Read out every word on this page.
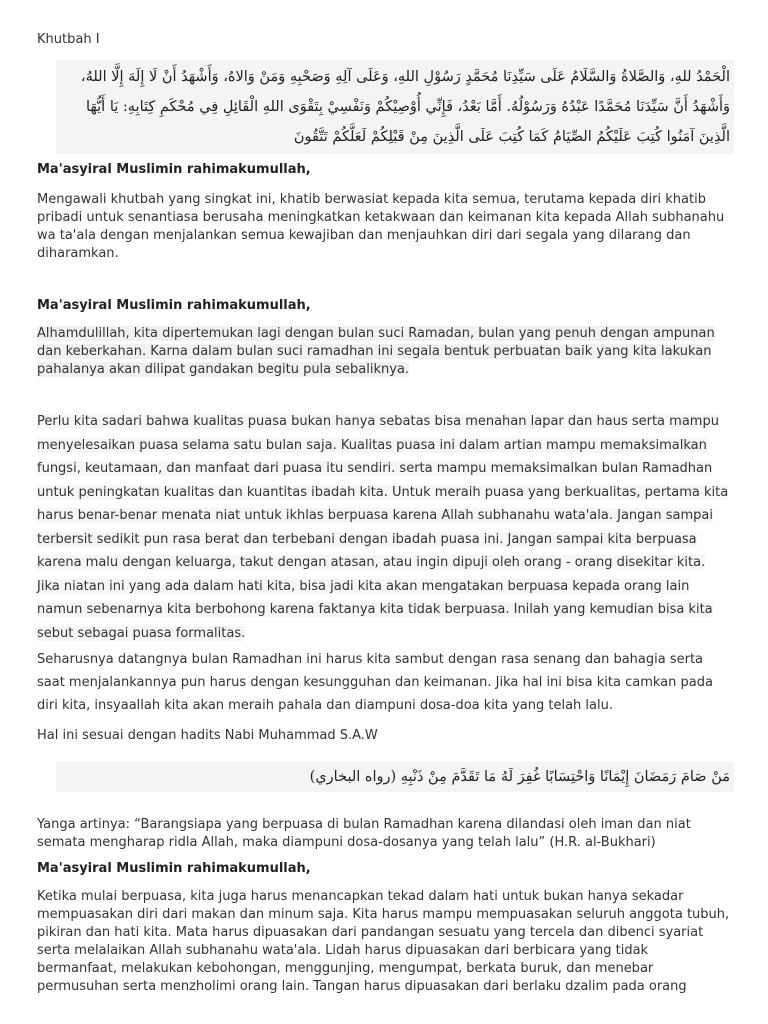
Khutbah I
الْحَمْدُ للهِ، وَالصَّلاةُ وَالسَّلَامُ عَلَى سَيِّدِنَا مُحَمَّدٍ رَسُوْلِ اللهِ، وَعَلَى آلِهِ وَصَحْبِهِ وَمَنْ وَالاهُ، وَأَشْهَدُ أَنْ لَا إِلَهَ إِلَّا اللهُ، وَأَشْهَدُ أَنَّ سَيِّدَنَا مُحَمَّدًا عَبْدُهُ وَرَسُوْلُهُ. أَمَّا بَعْدُ، فَإِنِّي أُوْصِيْكُمْ وَنَفْسِيْ بِتَقْوَى اللهِ الْقَائِلِ فِي مُحْكَمِ كِتَابِهِ: يَا أَيُّهَا الَّذِينَ آمَنُوا كُتِبَ عَلَيْكُمُ الصِّيَامُ كَمَا كُتِبَ عَلَى الَّذِينَ مِنْ قَبْلِكُمْ لَعَلَّكُمْ تَتَّقُونَ
Ma'asyiral Muslimin rahimakumullah,
Mengawali khutbah yang singkat ini, khatib berwasiat kepada kita semua, terutama kepada diri khatib pribadi untuk senantiasa berusaha meningkatkan ketakwaan dan keimanan kita kepada Allah subhanahu wa ta'ala dengan menjalankan semua kewajiban dan menjauhkan diri dari segala yang dilarang dan diharamkan.
Ma'asyiral Muslimin rahimakumullah,
Alhamdulillah, kita dipertemukan lagi dengan bulan suci Ramadan, bulan yang penuh dengan ampunan dan keberkahan. Karna dalam bulan suci ramadhan ini segala bentuk perbuatan baik yang kita lakukan pahalanya akan dilipat gandakan begitu pula sebaliknya.
Perlu kita sadari bahwa kualitas puasa bukan hanya sebatas bisa menahan lapar dan haus serta mampu menyelesaikan puasa selama satu bulan saja. Kualitas puasa ini dalam artian mampu memaksimalkan fungsi, keutamaan, dan manfaat dari puasa itu sendiri. serta mampu memaksimalkan bulan Ramadhan untuk peningkatan kualitas dan kuantitas ibadah kita. Untuk meraih puasa yang berkualitas, pertama kita harus benar-benar menata niat untuk ikhlas berpuasa karena Allah subhanahu wata'ala. Jangan sampai terbersit sedikit pun rasa berat dan terbebani dengan ibadah puasa ini. Jangan sampai kita berpuasa karena malu dengan keluarga, takut dengan atasan, atau ingin dipuji oleh orang - orang disekitar kita. Jika niatan ini yang ada dalam hati kita, bisa jadi kita akan mengatakan berpuasa kepada orang lain namun sebenarnya kita berbohong karena faktanya kita tidak berpuasa. Inilah yang kemudian bisa kita sebut sebagai puasa formalitas.
Seharusnya datangnya bulan Ramadhan ini harus kita sambut dengan rasa senang dan bahagia serta saat menjalankannya pun harus dengan kesungguhan dan keimanan. Jika hal ini bisa kita camkan pada diri kita, insyaallah kita akan meraih pahala dan diampuni dosa-doa kita yang telah lalu.
Hal ini sesuai dengan hadits Nabi Muhammad S.A.W
مَنْ صَامَ رَمَضَانَ إِيْمَانًا وَاحْتِسَابًا غُفِرَ لَهُ مَا تَقَدَّمَ مِنْ ذَنْبِهِ (رواه البخاري)
Yanga artinya: “Barangsiapa yang berpuasa di bulan Ramadhan karena dilandasi oleh iman dan niat semata mengharap ridla Allah, maka diampuni dosa-dosanya yang telah lalu” (H.R. al-Bukhari)
Ma'asyiral Muslimin rahimakumullah,
Ketika mulai berpuasa, kita juga harus menancapkan tekad dalam hati untuk bukan hanya sekadar mempuasakan diri dari makan dan minum saja. Kita harus mampu mempuasakan seluruh anggota tubuh, pikiran dan hati kita. Mata harus dipuasakan dari pandangan sesuatu yang tercela dan dibenci syariat serta melalaikan Allah subhanahu wata'ala. Lidah harus dipuasakan dari berbicara yang tidak bermanfaat, melakukan kebohongan, menggunjing, mengumpat, berkata buruk, dan menebar permusuhan serta menzholimi orang lain. Tangan harus dipuasakan dari berlaku dzalim pada orang
